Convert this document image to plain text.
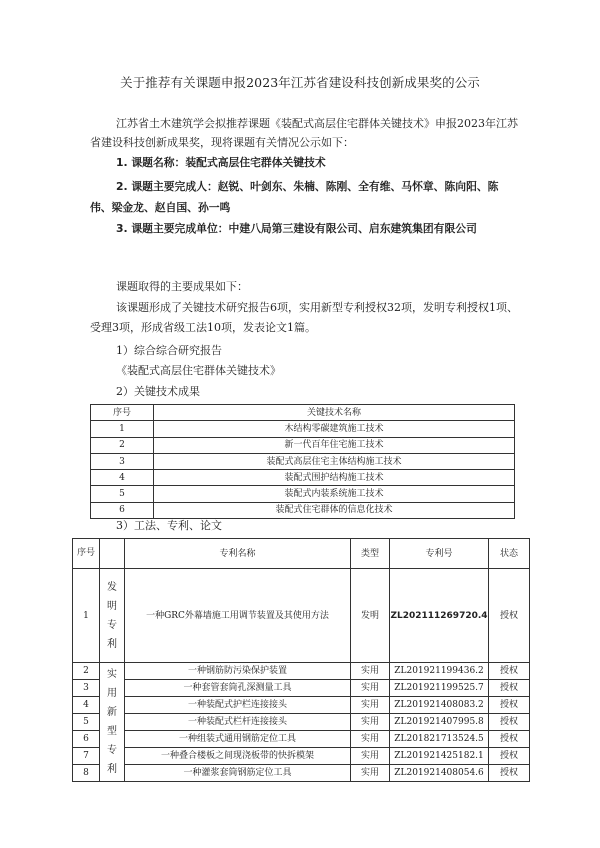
关于推荐有关课题申报2023年江苏省建设科技创新成果奖的公示
江苏省土木建筑学会拟推荐课题《装配式高层住宅群体关键技术》申报2023年江苏省建设科技创新成果奖，现将课题有关情况公示如下：
1. 课题名称：装配式高层住宅群体关键技术
2. 课题主要完成人：赵锐、叶剑东、朱楠、陈刚、全有维、马怀章、陈向阳、陈伟、梁金龙、赵自国、孙一鸣
3. 课题主要完成单位：中建八局第三建设有限公司、启东建筑集团有限公司
课题取得的主要成果如下：
该课题形成了关键技术研究报告6项，实用新型专利授权32项，发明专利授权1项、受理3项，形成省级工法10项，发表论文1篇。
1）综合综合研究报告
《装配式高层住宅群体关键技术》
2）关键技术成果
序号	关键技术名称
1	木结构零碳建筑施工技术
2	新一代百年住宅施工技术
3	装配式高层住宅主体结构施工技术
4	装配式围护结构施工技术
5	装配式内装系统施工技术
6	装配式住宅群体的信息化技术
3）工法、专利、论文
序号		专利名称	类型	专利号	状态
1	发明专利	一种GRC外幕墙施工用调节装置及其使用方法	发明	ZL202111269720.4	授权
2	实用新型专利	一种钢筋防污染保护装置	实用	ZL201921199436.2	授权
3		一种套管套筒孔深测量工具	实用	ZL201921199525.7	授权
4		一种装配式护栏连接接头	实用	ZL201921408083.2	授权
5		一种装配式栏杆连接接头	实用	ZL201921407995.8	授权
6		一种组装式通用钢筋定位工具	实用	ZL201821713524.5	授权
7		一种叠合楼板之间现浇板带的快拆模架	实用	ZL201921425182.1	授权
8		一种灌浆套筒钢筋定位工具	实用	ZL201921408054.6	授权
